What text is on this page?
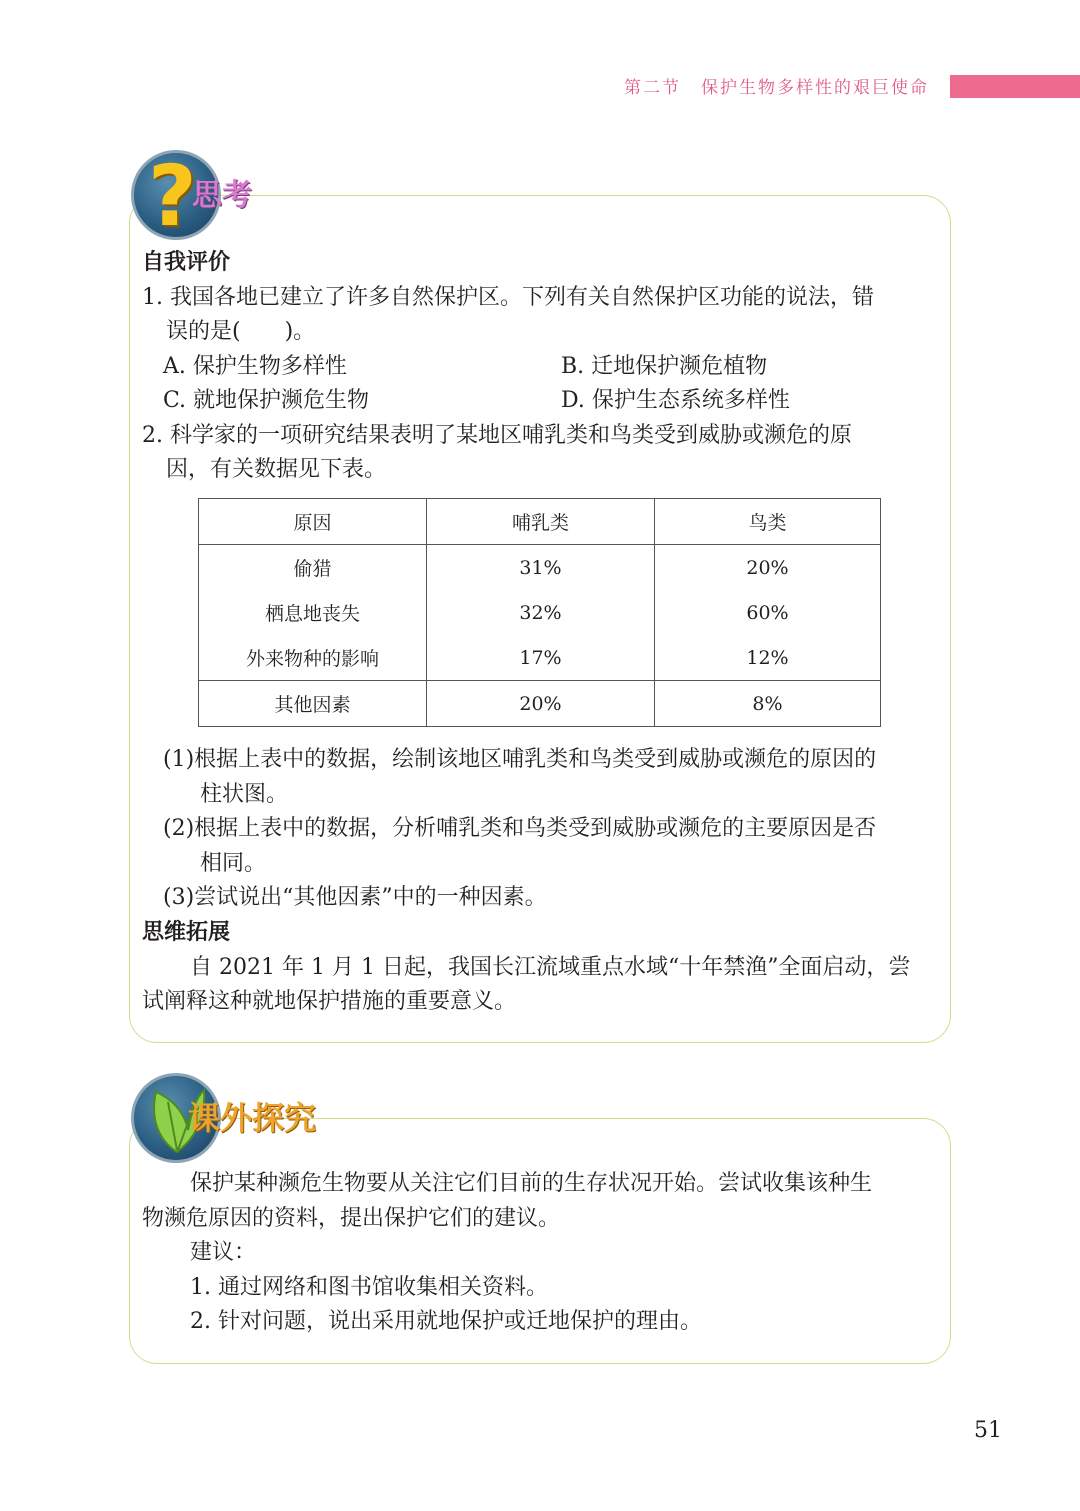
第二节 保护生物多样性的艰巨使命
?
思考
自我评价
1. 我国各地已建立了许多自然保护区。下列有关自然保护区功能的说法，错
误的是(　　)。
A. 保护生物多样性	B. 迁地保护濒危植物
C. 就地保护濒危生物	D. 保护生态系统多样性
2. 科学家的一项研究结果表明了某地区哺乳类和鸟类受到威胁或濒危的原
因，有关数据见下表。
原因	哺乳类	鸟类
偷猎	31%	20%
栖息地丧失	32%	60%
外来物种的影响	17%	12%
其他因素	20%	8%
(1)根据上表中的数据，绘制该地区哺乳类和鸟类受到威胁或濒危的原因的
柱状图。
(2)根据上表中的数据，分析哺乳类和鸟类受到威胁或濒危的主要原因是否
相同。
(3)尝试说出“其他因素”中的一种因素。
思维拓展
自 2021 年 1 月 1 日起，我国长江流域重点水域“十年禁渔”全面启动，尝
试阐释这种就地保护措施的重要意义。
课外探究
保护某种濒危生物要从关注它们目前的生存状况开始。尝试收集该种生
物濒危原因的资料，提出保护它们的建议。
建议：
1. 通过网络和图书馆收集相关资料。
2. 针对问题，说出采用就地保护或迁地保护的理由。
51
